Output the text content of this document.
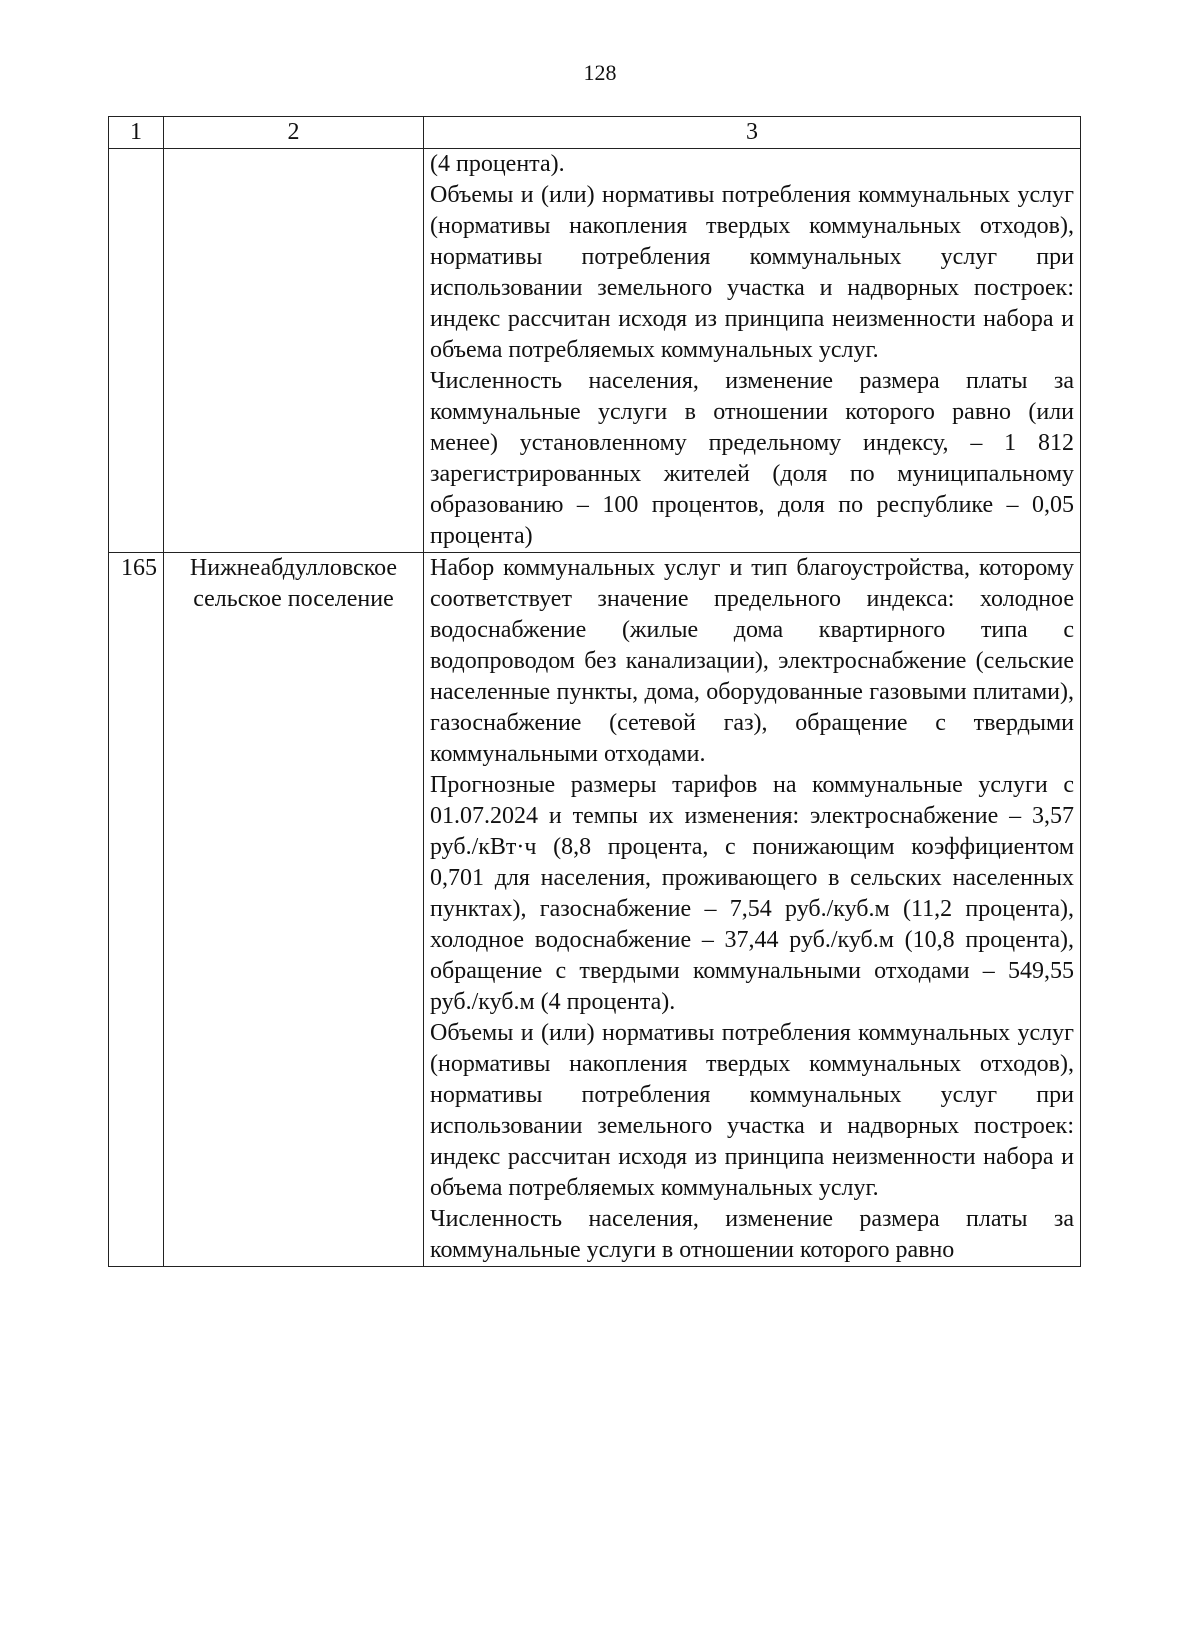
128
1	2	3

		(4 процента).

Объемы и (или) нормативы потребления коммунальных услуг (нормативы накопления твердых коммунальных отходов), нормативы потребления коммунальных услуг при использовании земельного участка и надворных построек: индекс рассчитан исходя из принципа неизменности набора и объема потребляемых коммунальных услуг.

Численность населения, изменение размера платы за коммунальные услуги в отношении которого равно (или менее) установленному предельному индексу, – 1 812 зарегистрированных жителей (доля по муниципальному образованию – 100 процентов, доля по республике – 0,05 процента)

165	Нижнеабдулловское сельское поселение	Набор коммунальных услуг и тип благоустройства, которому соответствует значение предельного индекса: холодное водоснабжение (жилые дома квартирного типа с водопроводом без канализации), электроснабжение (сельские населенные пункты, дома, оборудованные газовыми плитами), газоснабжение (сетевой газ), обращение с твердыми коммунальными отходами.

Прогнозные размеры тарифов на коммунальные услуги с 01.07.2024 и темпы их изменения: электроснабжение – 3,57 руб./кВт·ч (8,8 процента, с понижающим коэффициентом 0,701 для населения, проживающего в сельских населенных пунктах), газоснабжение – 7,54 руб./куб.м (11,2 процента), холодное водоснабжение – 37,44 руб./куб.м (10,8 процента), обращение с твердыми коммунальными отходами – 549,55 руб./куб.м (4 процента).

Объемы и (или) нормативы потребления коммунальных услуг (нормативы накопления твердых коммунальных отходов), нормативы потребления коммунальных услуг при использовании земельного участка и надворных построек: индекс рассчитан исходя из принципа неизменности набора и объема потребляемых коммунальных услуг.

Численность населения, изменение размера платы за коммунальные услуги в отношении которого равно
